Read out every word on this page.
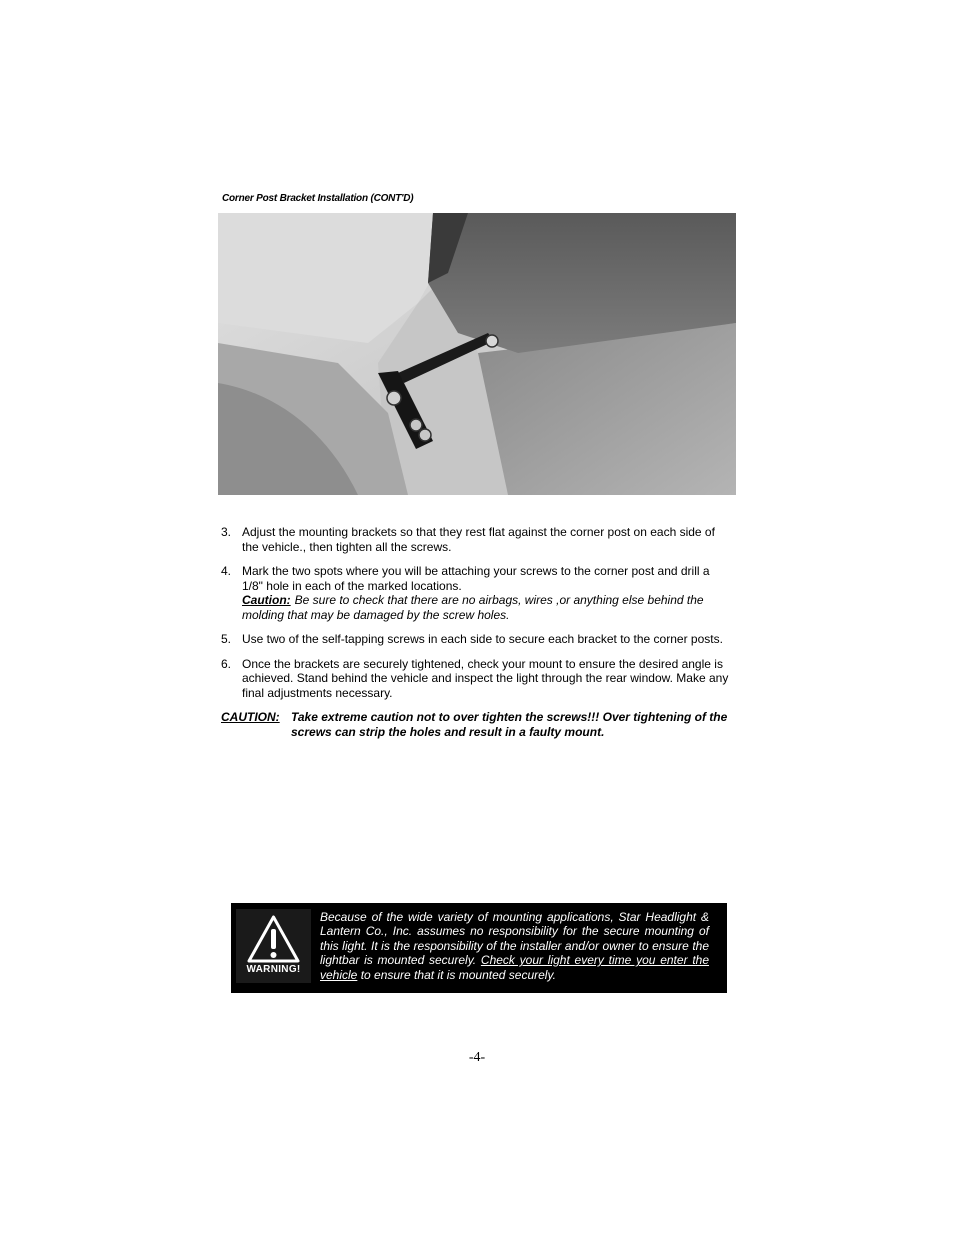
Corner Post Bracket Installation (CONT'D)
3. Adjust the mounting brackets so that they rest flat against the corner post on each side of the vehicle., then tighten all the screws.
4. Mark the two spots where you will be attaching your screws to the corner post and drill a 1/8" hole in each of the marked locations.
Caution: Be sure to check that there are no airbags, wires ,or anything else behind the molding that may be damaged by the screw holes.
5. Use two of the self-tapping screws in each side to secure each bracket to the corner posts.
6. Once the brackets are securely tightened, check your mount to ensure the desired angle is achieved. Stand behind the vehicle and inspect the light through the rear window. Make any final adjustments necessary.
CAUTION: Take extreme caution not to over tighten the screws!!! Over tightening of the screws can strip the holes and result in a faulty mount.
WARNING!
Because of the wide variety of mounting applications, Star Headlight & Lantern Co., Inc. assumes no responsibility for the secure mounting of this light. It is the responsibility of the installer and/or owner to ensure the lightbar is mounted securely. Check your light every time you enter the vehicle to ensure that it is mounted securely.
-4-
